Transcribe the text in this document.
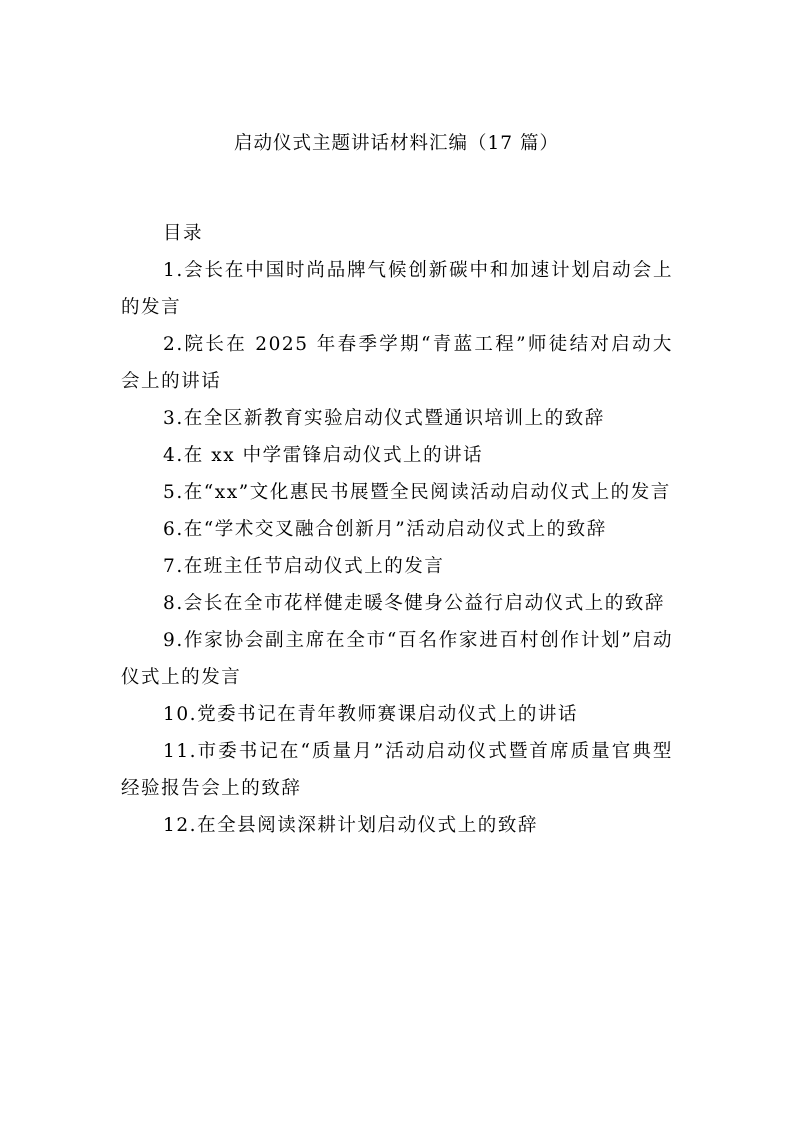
启动仪式主题讲话材料汇编（17 篇）

目录

1.会长在中国时尚品牌气候创新碳中和加速计划启动会上的发言

2.院长在 2025 年春季学期“青蓝工程”师徒结对启动大会上的讲话

3.在全区新教育实验启动仪式暨通识培训上的致辞

4.在 xx 中学雷锋启动仪式上的讲话

5.在“xx”文化惠民书展暨全民阅读活动启动仪式上的发言

6.在“学术交叉融合创新月”活动启动仪式上的致辞

7.在班主任节启动仪式上的发言

8.会长在全市花样健走暖冬健身公益行启动仪式上的致辞

9.作家协会副主席在全市“百名作家进百村创作计划”启动仪式上的发言

10.党委书记在青年教师赛课启动仪式上的讲话

11.市委书记在“质量月”活动启动仪式暨首席质量官典型经验报告会上的致辞

12.在全县阅读深耕计划启动仪式上的致辞
